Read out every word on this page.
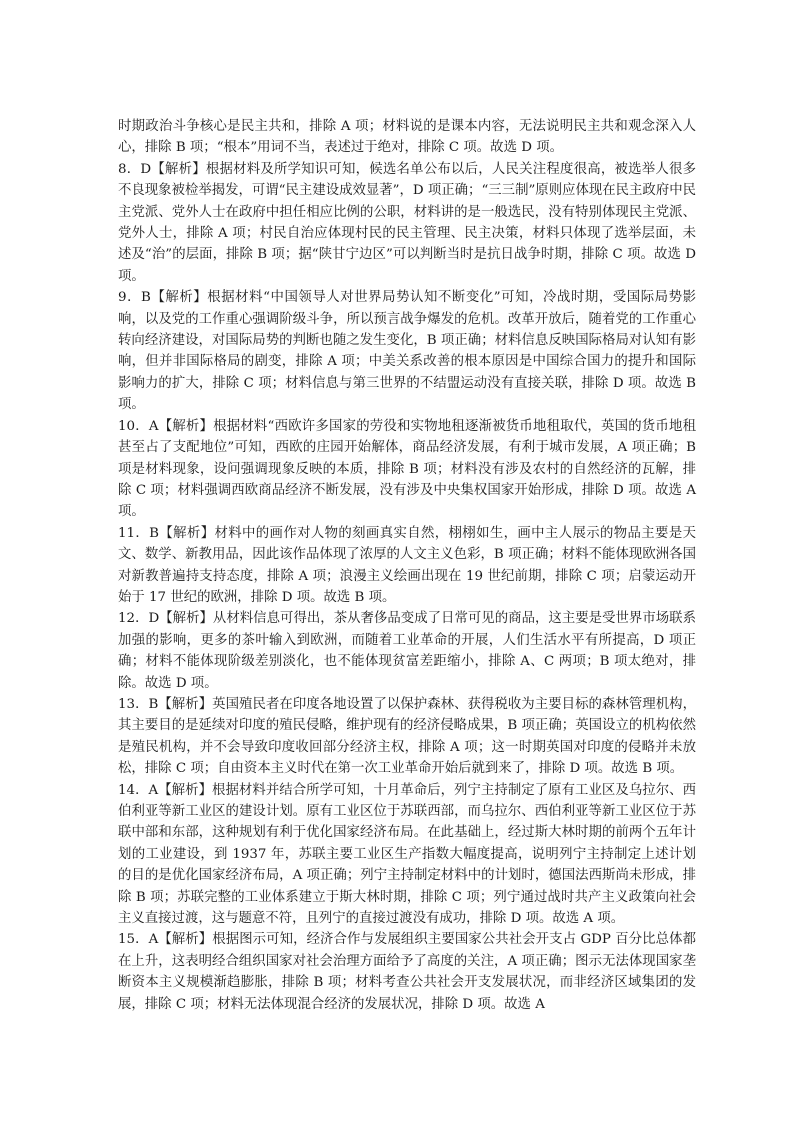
时期政治斗争核心是民主共和，排除 A 项；材料说的是课本内容，无法说明民主共和观念深入人心，排除 B 项；“根本”用词不当，表述过于绝对，排除 C 项。故选 D 项。

8．D【解析】根据材料及所学知识可知，候选名单公布以后，人民关注程度很高，被选举人很多不良现象被检举揭发，可谓“民主建设成效显著”，D 项正确；“三三制”原则应体现在民主政府中民主党派、党外人士在政府中担任相应比例的公职，材料讲的是一般选民，没有特别体现民主党派、党外人士，排除 A 项；村民自治应体现村民的民主管理、民主决策，材料只体现了选举层面，未述及“治”的层面，排除 B 项；据“陕甘宁边区”可以判断当时是抗日战争时期，排除 C 项。故选 D 项。

9．B【解析】根据材料“中国领导人对世界局势认知不断变化”可知，冷战时期，受国际局势影响，以及党的工作重心强调阶级斗争，所以预言战争爆发的危机。改革开放后，随着党的工作重心转向经济建设，对国际局势的判断也随之发生变化，B 项正确；材料信息反映国际格局对认知有影响，但并非国际格局的剧变，排除 A 项；中美关系改善的根本原因是中国综合国力的提升和国际影响力的扩大，排除 C 项；材料信息与第三世界的不结盟运动没有直接关联，排除 D 项。故选 B 项。

10．A【解析】根据材料“西欧许多国家的劳役和实物地租逐渐被货币地租取代，英国的货币地租甚至占了支配地位”可知，西欧的庄园开始解体，商品经济发展，有利于城市发展，A 项正确；B 项是材料现象，设问强调现象反映的本质，排除 B 项；材料没有涉及农村的自然经济的瓦解，排除 C 项；材料强调西欧商品经济不断发展，没有涉及中央集权国家开始形成，排除 D 项。故选 A 项。

11．B【解析】材料中的画作对人物的刻画真实自然，栩栩如生，画中主人展示的物品主要是天文、数学、新教用品，因此该作品体现了浓厚的人文主义色彩，B 项正确；材料不能体现欧洲各国对新教普遍持支持态度，排除 A 项；浪漫主义绘画出现在 19 世纪前期，排除 C 项；启蒙运动开始于 17 世纪的欧洲，排除 D 项。故选 B 项。

12．D【解析】从材料信息可得出，茶从奢侈品变成了日常可见的商品，这主要是受世界市场联系加强的影响，更多的茶叶输入到欧洲，而随着工业革命的开展，人们生活水平有所提高，D 项正确；材料不能体现阶级差别淡化，也不能体现贫富差距缩小，排除 A、C 两项；B 项太绝对，排除。故选 D 项。

13．B【解析】英国殖民者在印度各地设置了以保护森林、获得税收为主要目标的森林管理机构，其主要目的是延续对印度的殖民侵略，维护现有的经济侵略成果，B 项正确；英国设立的机构依然是殖民机构，并不会导致印度收回部分经济主权，排除 A 项；这一时期英国对印度的侵略并未放松，排除 C 项；自由资本主义时代在第一次工业革命开始后就到来了，排除 D 项。故选 B 项。

14．A【解析】根据材料并结合所学可知，十月革命后，列宁主持制定了原有工业区及乌拉尔、西伯利亚等新工业区的建设计划。原有工业区位于苏联西部，而乌拉尔、西伯利亚等新工业区位于苏联中部和东部，这种规划有利于优化国家经济布局。在此基础上，经过斯大林时期的前两个五年计划的工业建设，到 1937 年，苏联主要工业区生产指数大幅度提高，说明列宁主持制定上述计划的目的是优化国家经济布局，A 项正确；列宁主持制定材料中的计划时，德国法西斯尚未形成，排除 B 项；苏联完整的工业体系建立于斯大林时期，排除 C 项；列宁通过战时共产主义政策向社会主义直接过渡，这与题意不符，且列宁的直接过渡没有成功，排除 D 项。故选 A 项。

15．A【解析】根据图示可知，经济合作与发展组织主要国家公共社会开支占 GDP 百分比总体都在上升，这表明经合组织国家对社会治理方面给予了高度的关注，A 项正确；图示无法体现国家垄断资本主义规模渐趋膨胀，排除 B 项；材料考查公共社会开支发展状况，而非经济区域集团的发展，排除 C 项；材料无法体现混合经济的发展状况，排除 D 项。故选 A
